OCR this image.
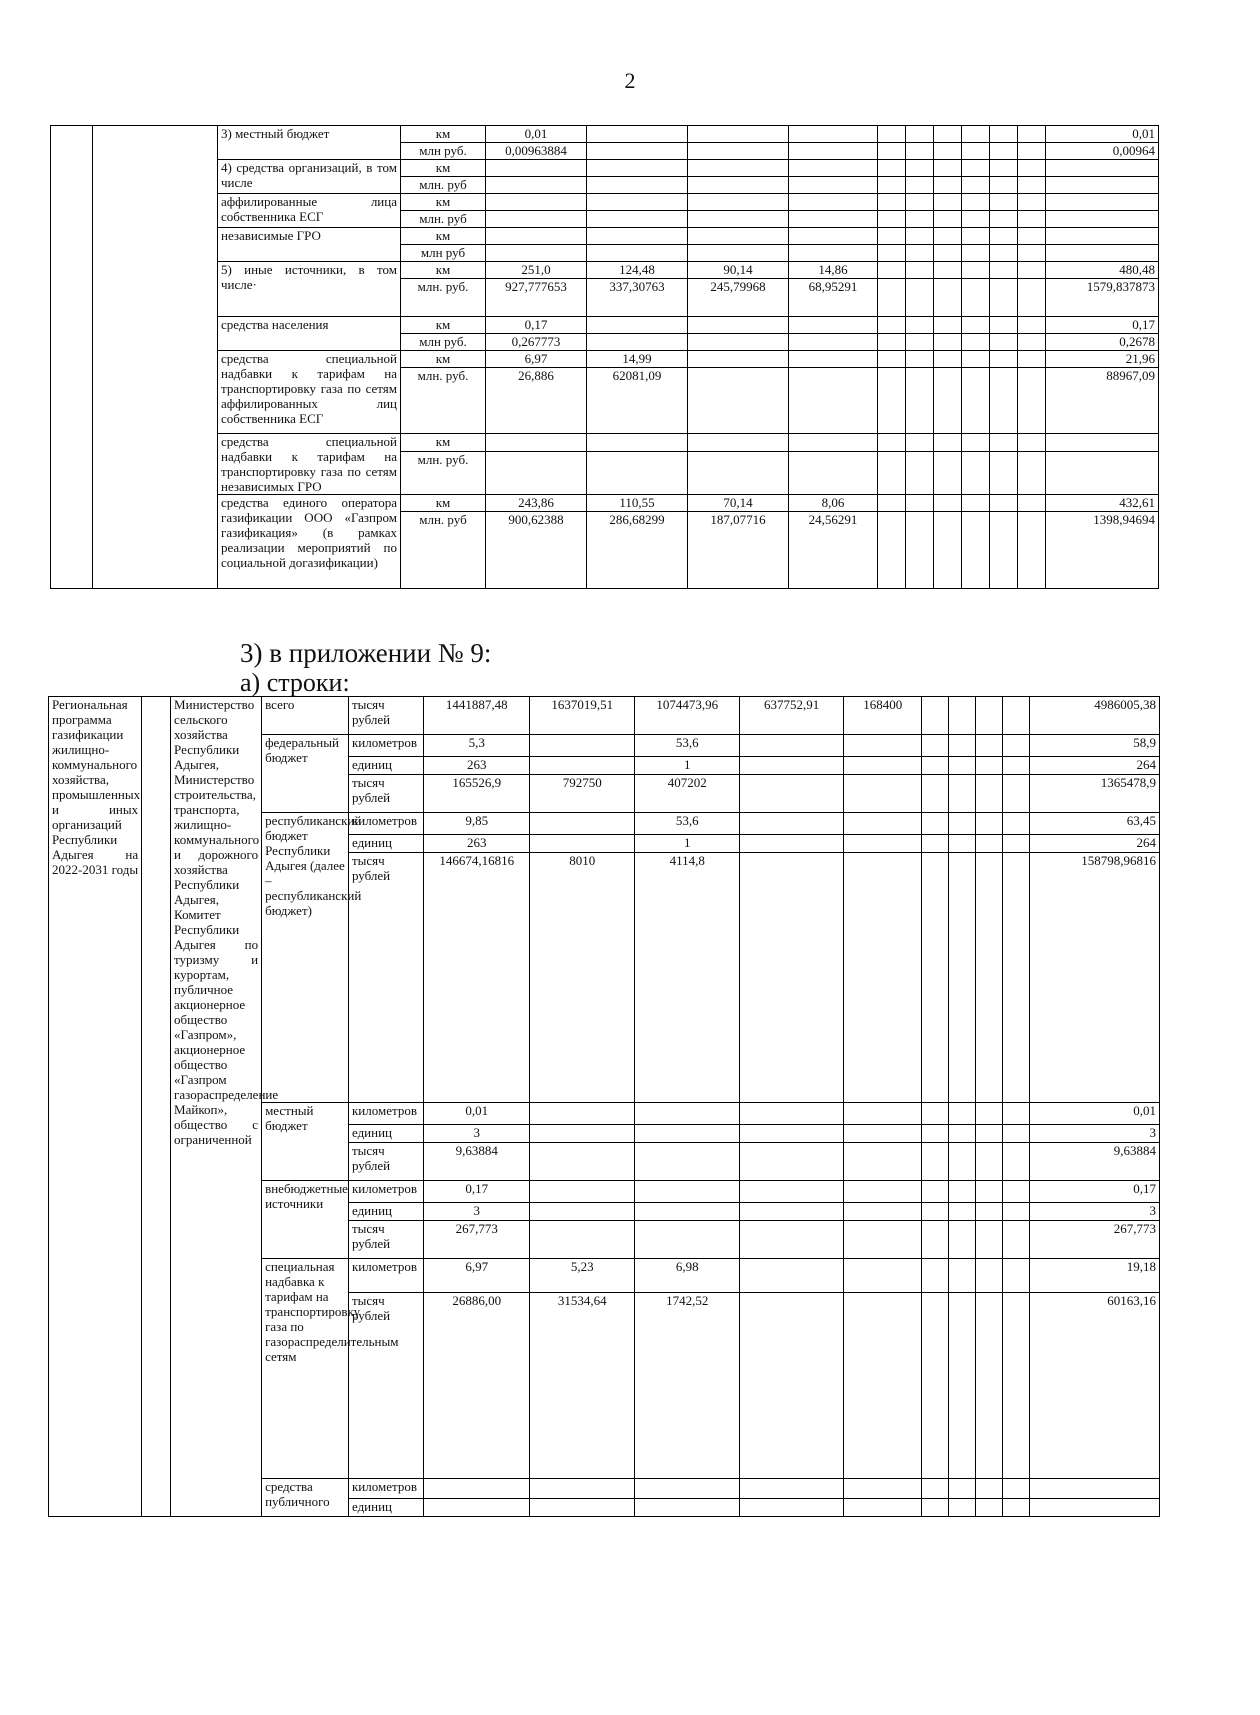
2
		3) местный бюджет	км	0,01										0,01
			млн руб.	0,00963884										0,00964
		4) средства организаций, в том числе	км											
			млн. руб											
		аффилированные лица собственника ЕСГ	км											
			млн. руб											
		независимые ГРО	км											
			млн руб											
		5) иные источники, в том числе·	км	251,0	124,48	90,14	14,86							480,48
			млн. руб.	927,777653	337,30763	245,79968	68,95291							1579,837873
		средства населения	км	0,17										0,17
			млн руб.	0,267773										0,2678
		средства специальной надбавки к тарифам на транспортировку газа по сетям аффилированных лиц собственника ЕСГ	км	6,97	14,99									21,96
			млн. руб.	26,886	62081,09									88967,09
		средства специальной надбавки к тарифам на транспортировку газа по сетям независимых ГРО	км											
			млн. руб.											
		средства единого оператора газификации ООО «Газпром газификация» (в рамках реализации мероприятий по социальной догазификации)	км	243,86	110,55	70,14	8,06							432,61
			млн. руб	900,62388	286,68299	187,07716	24,56291							1398,94694
3) в приложении № 9:
а) строки:
Региональная программа газификации жилищно-коммунального хозяйства, промышленных и иных организаций Республики Адыгея на 2022-2031 годы		Министерство сельского хозяйства Республики Адыгея, Министерство строительства, транспорта, жилищно-коммунального и дорожного хозяйства Республики Адыгея, Комитет Республики Адыгея по туризму и курортам, публичное акционерное общество «Газпром», акционерное общество «Газпром газораспределение Майкоп», общество с ограниченной	всего	тысяч рублей	1441887,48	1637019,51	1074473,96	637752,91	168400					4986005,38
			федеральный бюджет	километров	5,3		53,6							58,9
				единиц	263		1							264
				тысяч рублей	165526,9	792750	407202							1365478,9
			республиканский бюджет Республики Адыгея (далее – республиканский бюджет)	километров	9,85		53,6							63,45
				единиц	263		1							264
				тысяч рублей	146674,16816	8010	4114,8							158798,96816
			местный бюджет	километров	0,01									0,01
				единиц	3									3
				тысяч рублей	9,63884									9,63884
			внебюджетные источники	километров	0,17									0,17
				единиц	3									3
				тысяч рублей	267,773									267,773
			специальная надбавка к тарифам на транспортировку газа по газораспределительным сетям	километров	6,97	5,23	6,98							19,18
				тысяч рублей	26886,00	31534,64	1742,52							60163,16
			средства публичного	километров										
				единиц										
